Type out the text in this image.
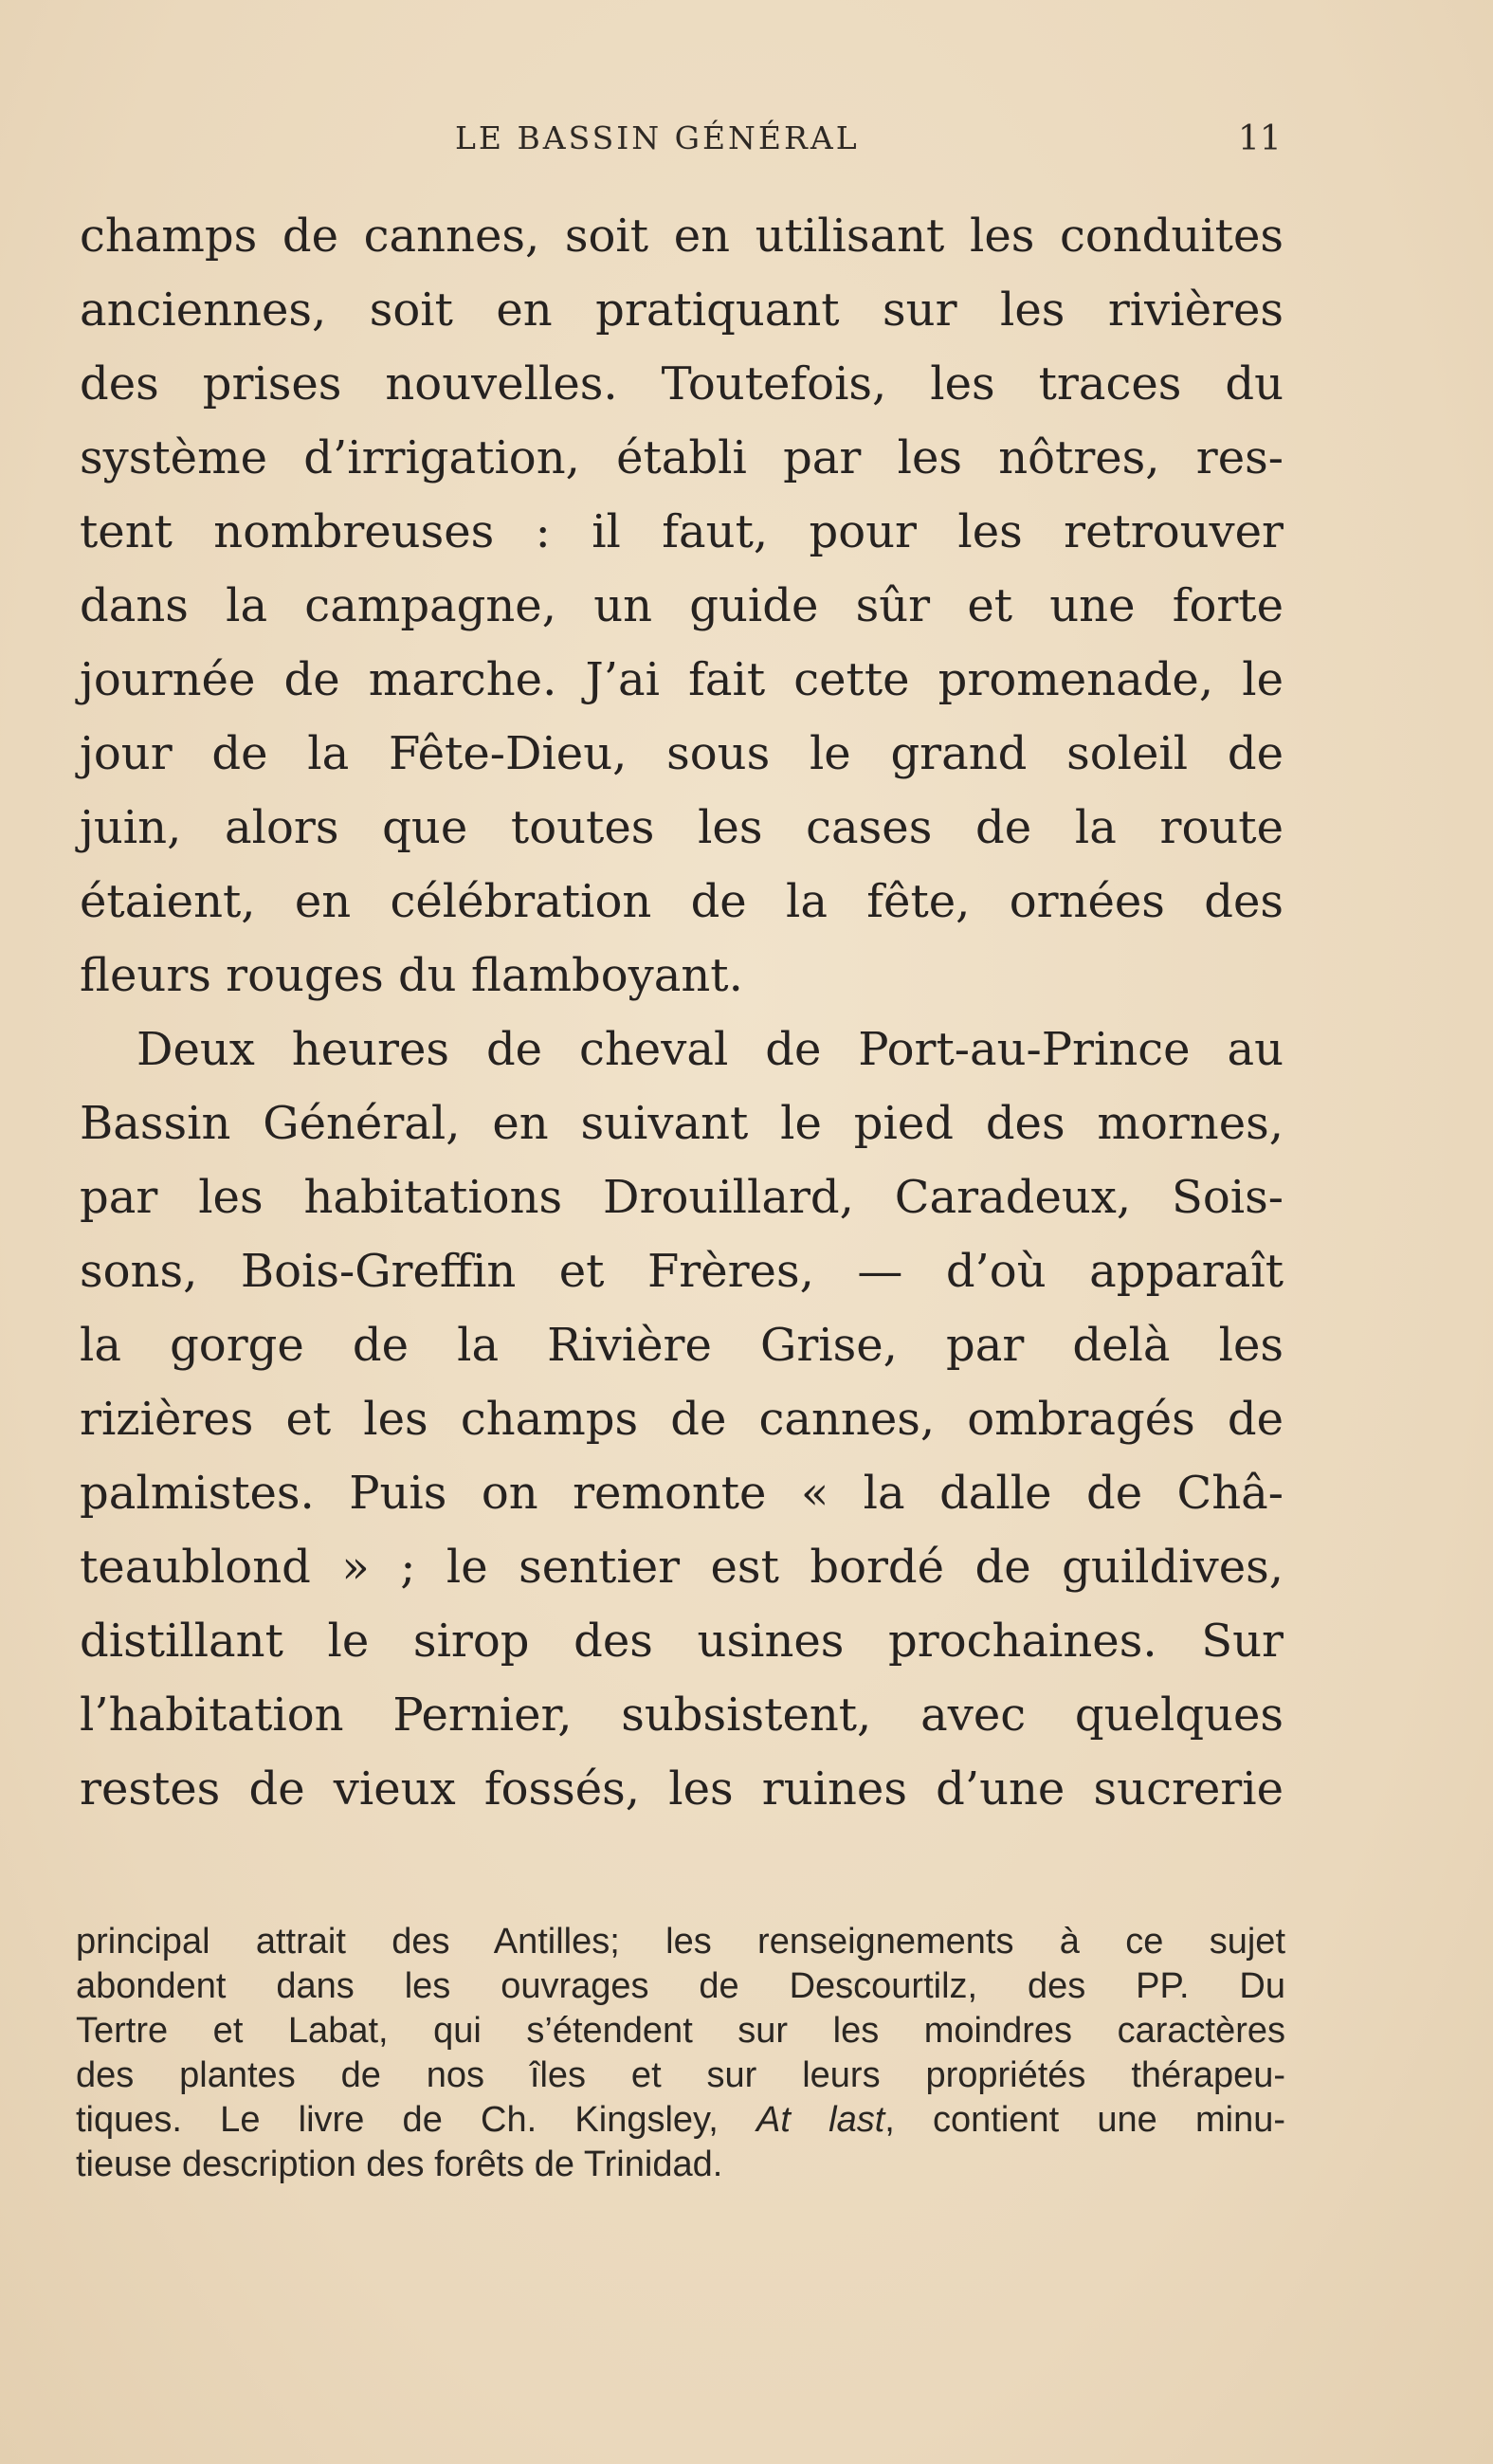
LE BASSIN GÉNÉRAL	11
champs de cannes, soit en utilisant les conduites
anciennes, soit en pratiquant sur les rivières
des prises nouvelles. Toutefois, les traces du
système d’irrigation, établi par les nôtres, res-
tent nombreuses : il faut, pour les retrouver
dans la campagne, un guide sûr et une forte
journée de marche. J’ai fait cette promenade, le
jour de la Fête-Dieu, sous le grand soleil de
juin, alors que toutes les cases de la route
étaient, en célébration de la fête, ornées des
fleurs rouges du flamboyant.
Deux heures de cheval de Port-au-Prince au
Bassin Général, en suivant le pied des mornes,
par les habitations Drouillard, Caradeux, Sois-
sons, Bois-Greffin et Frères, — d’où apparaît
la gorge de la Rivière Grise, par delà les
rizières et les champs de cannes, ombragés de
palmistes. Puis on remonte « la dalle de Châ-
teaublond » ; le sentier est bordé de guildives,
distillant le sirop des usines prochaines. Sur
l’habitation Pernier, subsistent, avec quelques
restes de vieux fossés, les ruines d’une sucrerie
principal attrait des Antilles; les renseignements à ce sujet
abondent dans les ouvrages de Descourtilz, des PP. Du
Tertre et Labat, qui s’étendent sur les moindres caractères
des plantes de nos îles et sur leurs propriétés thérapeu-
tiques. Le livre de Ch. Kingsley, At last, contient une minu-
tieuse description des forêts de Trinidad.
